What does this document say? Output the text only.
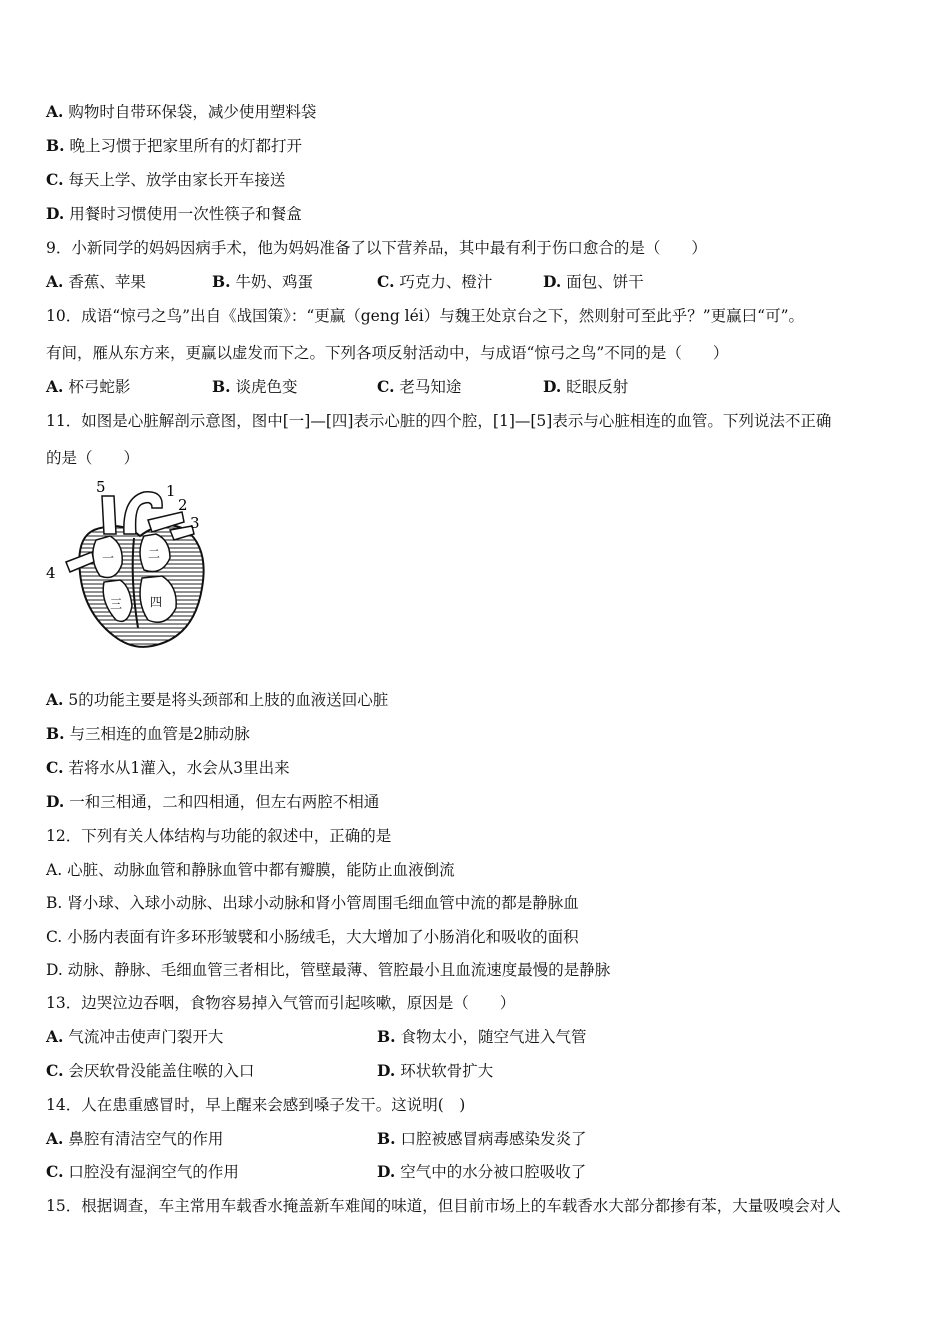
A. 购物时自带环保袋，减少使用塑料袋
B. 晚上习惯于把家里所有的灯都打开
C. 每天上学、放学由家长开车接送
D. 用餐时习惯使用一次性筷子和餐盒
9．小新同学的妈妈因病手术，他为妈妈准备了以下营养品，其中最有利于伤口愈合的是（　　）
A. 香蕉、苹果	B. 牛奶、鸡蛋	C. 巧克力、橙汁	D. 面包、饼干
10．成语“惊弓之鸟”出自《战国策》：“更赢（geng léi）与魏王处京台之下，然则射可至此乎？”更赢曰“可”。
有间，雁从东方来，更赢以虚发而下之。下列各项反射活动中，与成语“惊弓之鸟”不同的是（　　）
A. 杯弓蛇影	B. 谈虎色变	C. 老马知途	D. 眨眼反射
11．如图是心脏解剖示意图，图中[一]—[四]表示心脏的四个腔，[1]—[5]表示与心脏相连的血管。下列说法不正确
的是（　　）
5	1
2
3
4
一	二
三 四
A. 5的功能主要是将头颈部和上肢的血液送回心脏
B. 与三相连的血管是2肺动脉
C. 若将水从1灌入，水会从3里出来
D. 一和三相通，二和四相通，但左右两腔不相通
12．下列有关人体结构与功能的叙述中，正确的是
A. 心脏、动脉血管和静脉血管中都有瓣膜，能防止血液倒流
B. 肾小球、入球小动脉、出球小动脉和肾小管周围毛细血管中流的都是静脉血
C. 小肠内表面有许多环形皱襞和小肠绒毛，大大增加了小肠消化和吸收的面积
D. 动脉、静脉、毛细血管三者相比，管壁最薄、管腔最小且血流速度最慢的是静脉
13．边哭泣边吞咽，食物容易掉入气管而引起咳嗽，原因是（　　）
A. 气流冲击使声门裂开大	B. 食物太小，随空气进入气管
C. 会厌软骨没能盖住喉的入口	D. 环状软骨扩大
14．人在患重感冒时，早上醒来会感到嗓子发干。这说明(　)
A. 鼻腔有清洁空气的作用	B. 口腔被感冒病毒感染发炎了
C. 口腔没有湿润空气的作用	D. 空气中的水分被口腔吸收了
15．根据调查，车主常用车载香水掩盖新车难闻的味道，但目前市场上的车载香水大部分都掺有苯，大量吸嗅会对人
